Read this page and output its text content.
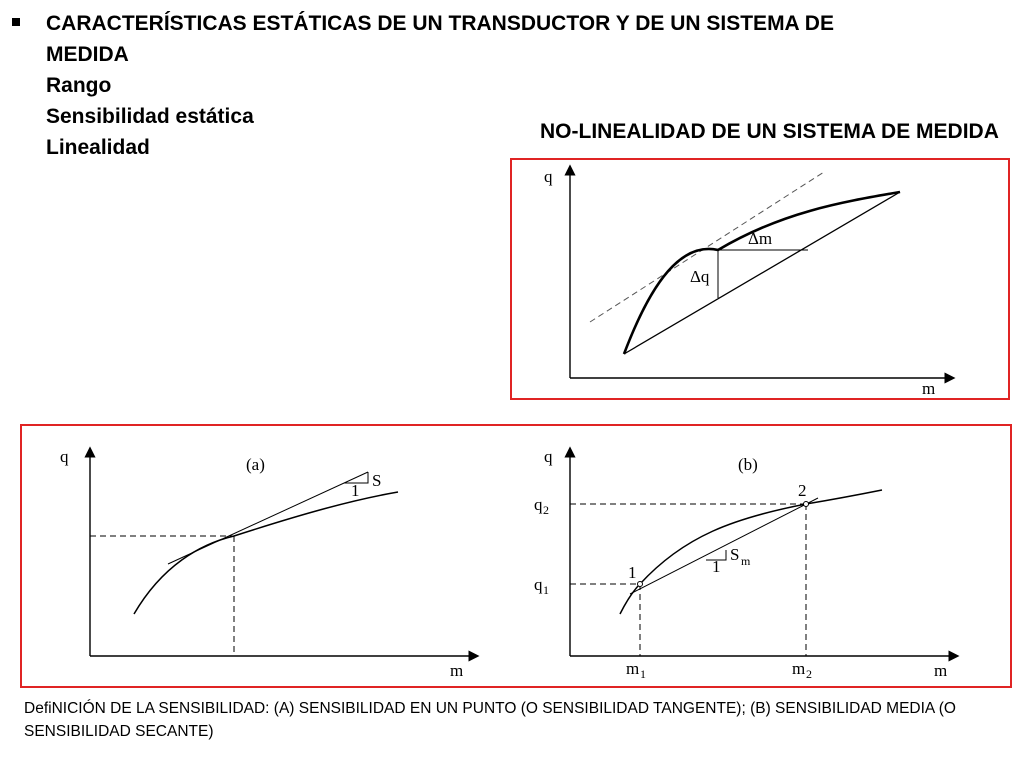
CARACTERÍSTICAS ESTÁTICAS DE UN TRANSDUCTOR Y DE UN SISTEMA DE
MEDIDA
Rango
Sensibilidad estática
Linealidad
NO-LINEALIDAD DE UN SISTEMA DE MEDIDA
q
m
Δm
Δq
q
m
(a)
1
S
q
m
(b)
1
2
1
S m
q 2
q 1
m 1	m 2
DeﬁNICIÓN DE LA SENSIBILIDAD: (A) SENSIBILIDAD EN UN PUNTO (O SENSIBILIDAD TANGENTE); (B) SENSIBILIDAD MEDIA (O SENSIBILIDAD SECANTE)
